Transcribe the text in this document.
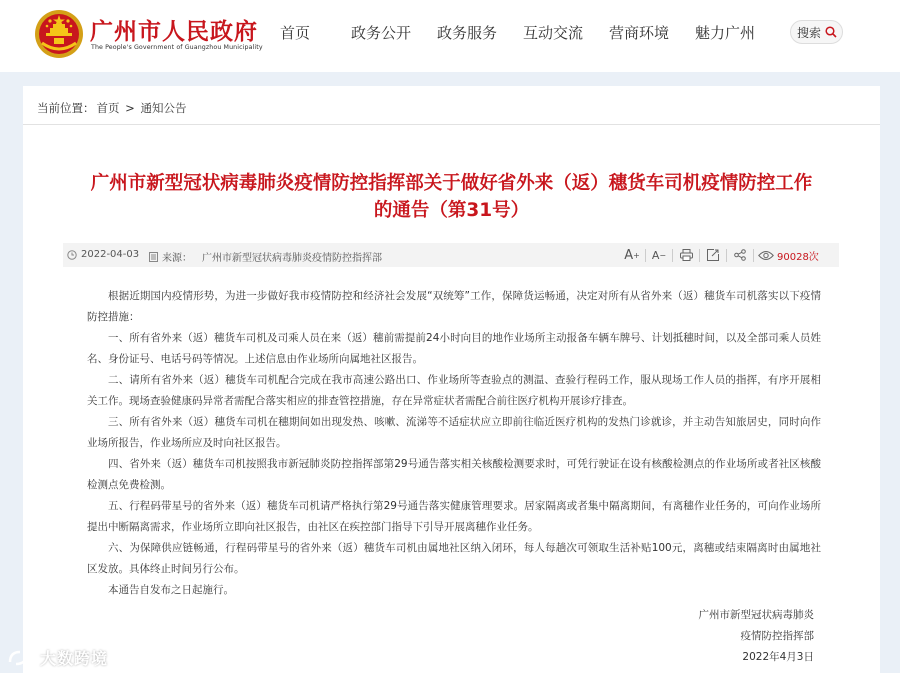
广州市人民政府
The People's Government of Guangzhou Municipality
首页	政务公开	政务服务	互动交流	营商环境	魅力广州	搜索
当前位置： 首页 > 通知公告
广州市新型冠状病毒肺炎疫情防控指挥部关于做好省外来（返）穗货车司机疫情防控工作的通告（第31号）
2022-04-03 来源： 广州市新型冠状病毒肺炎疫情防控指挥部	A + A −	90028次

根据近期国内疫情形势，为进一步做好我市疫情防控和经济社会发展“双统筹”工作，保障货运畅通，决定对所有从省外来（返）穗货车司机落实以下疫情防控措施：

一、所有省外来（返）穗货车司机及司乘人员在来（返）穗前需提前24小时向目的地作业场所主动报备车辆车牌号、计划抵穗时间，以及全部司乘人员姓名、身份证号、电话号码等情况。上述信息由作业场所向属地社区报告。

二、请所有省外来（返）穗货车司机配合完成在我市高速公路出口、作业场所等查验点的测温、查验行程码工作，服从现场工作人员的指挥，有序开展相关工作。现场查验健康码异常者需配合落实相应的排查管控措施，存在异常症状者需配合前往医疗机构开展诊疗排查。

三、所有省外来（返）穗货车司机在穗期间如出现发热、咳嗽、流涕等不适症状应立即前往临近医疗机构的发热门诊就诊，并主动告知旅居史，同时向作业场所报告，作业场所应及时向社区报告。

四、省外来（返）穗货车司机按照我市新冠肺炎防控指挥部第29号通告落实相关核酸检测要求时，可凭行驶证在设有核酸检测点的作业场所或者社区核酸检测点免费检测。

五、行程码带星号的省外来（返）穗货车司机请严格执行第29号通告落实健康管理要求。居家隔离或者集中隔离期间，有离穗作业任务的，可向作业场所提出中断隔离需求，作业场所立即向社区报告，由社区在疾控部门指导下引导开展离穗作业任务。

六、为保障供应链畅通，行程码带星号的省外来（返）穗货车司机由属地社区纳入闭环，每人每趟次可领取生活补贴100元，离穗或结束隔离时由属地社区发放。具体终止时间另行公布。

本通告自发布之日起施行。

广州市新型冠状病毒肺炎
疫情防控指挥部
2022年4月3日
大数跨境
